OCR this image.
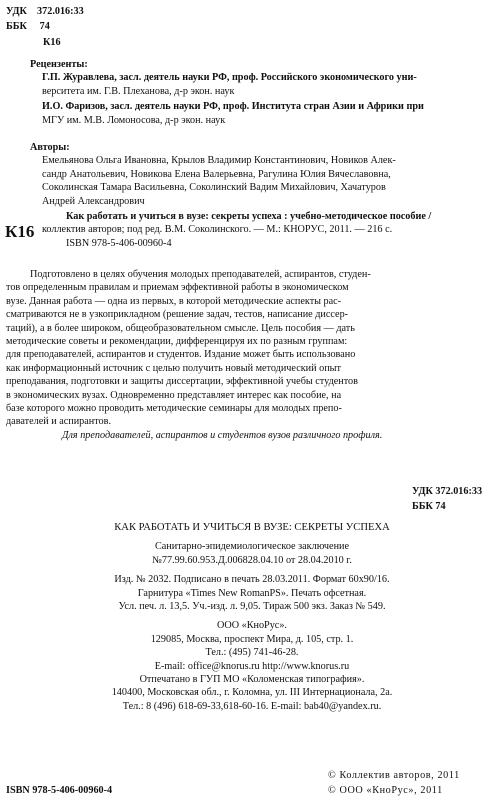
УДК 372.016:33
ББК 74
К16
Рецензенты:
Г.П. Журавлева, засл. деятель науки РФ, проф. Российского экономического уни-
верситета им. Г.В. Плеханова, д-р экон. наук
И.О. Фаризов, засл. деятель науки РФ, проф. Института стран Азии и Африки при
МГУ им. М.В. Ломоносова, д-р экон. наук
Авторы:
Емельянова Ольга Ивановна, Крылов Владимир Константинович, Новиков Алек-
сандр Анатольевич, Новикова Елена Валерьевна, Рагулина Юлия Вячеславовна,
Соколинская Тамара Васильевна, Соколинский Вадим Михайлович, Хачатуров
Андрей Александрович
К16
Как работать и учиться в вузе: секреты успеха : учебно-методическое пособие /
коллектив авторов; под ред. В.М. Соколинского. — М.: КНОРУС, 2011. — 216 с.
ISBN 978-5-406-00960-4
Подготовлено в целях обучения молодых преподавателей, аспирантов, студен-
тов определенным правилам и приемам эффективной работы в экономическом
вузе. Данная работа — одна из первых, в которой методические аспекты рас-
сматриваются не в узкоприкладном (решение задач, тестов, написание диссер-
таций), а в более широком, общеобразовательном смысле. Цель пособия — дать
методические советы и рекомендации, дифференцируя их по разным группам:
для преподавателей, аспирантов и студентов. Издание может быть использовано
как информационный источник с целью получить новый методический опыт
преподавания, подготовки и защиты диссертации, эффективной учебы студентов
в экономических вузах. Одновременно представляет интерес как пособие, на
базе которого можно проводить методические семинары для молодых препо-
давателей и аспирантов.
Для преподавателей, аспирантов и студентов вузов различного профиля.
УДК 372.016:33
ББК 74
КАК РАБОТАТЬ И УЧИТЬСЯ В ВУЗЕ: СЕКРЕТЫ УСПЕХА
Санитарно-эпидемиологическое заключение
№77.99.60.953.Д.006828.04.10 от 28.04.2010 г.
Изд. № 2032. Подписано в печать 28.03.2011. Формат 60х90/16.
Гарнитура «Times New RomanPS». Печать офсетная.
Усл. печ. л. 13,5. Уч.-изд. л. 9,05. Тираж 500 экз. Заказ № 549.
ООО «КноРус».
129085, Москва, проспект Мира, д. 105, стр. 1.
Тел.: (495) 741-46-28.
E-mail: office@knorus.ru http://www.knorus.ru
Отпечатано в ГУП МО «Коломенская типография».
140400, Московская обл., г. Коломна, ул. III Интернационала, 2а.
Тел.: 8 (496) 618-69-33,618-60-16. E-mail: bab40@yandex.ru.
ISBN 978-5-406-00960-4
© Коллектив авторов, 2011
© ООО «КноРус», 2011
